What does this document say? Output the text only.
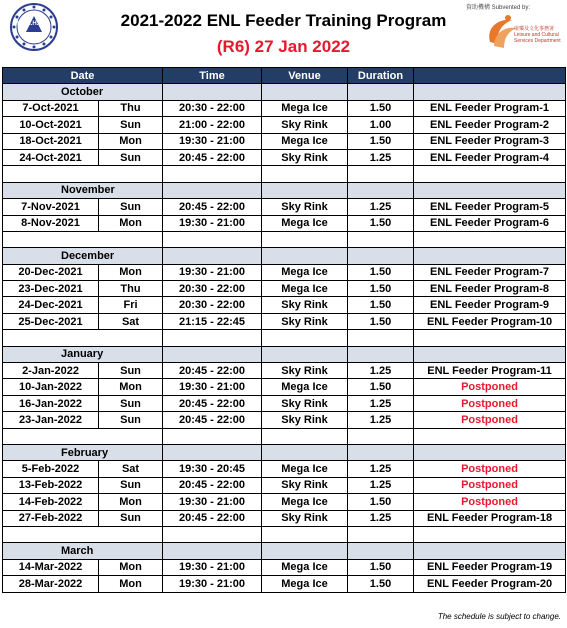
H.K.I.H.A.	2021-2022 ENL Feeder Training Program
(R6) 27 Jan 2022
資助機構 Subvented by:
康樂及文化事務署 Leisure and Cultural Services Department
Date		Time	Venue	Duration	
October					
7-Oct-2021	Thu	20:30 - 22:00	Mega Ice	1.50	ENL Feeder Program-1
10-Oct-2021	Sun	21:00 - 22:00	Sky Rink	1.00	ENL Feeder Program-2
18-Oct-2021	Mon	19:30 - 21:00	Mega Ice	1.50	ENL Feeder Program-3
24-Oct-2021	Sun	20:45 - 22:00	Sky Rink	1.25	ENL Feeder Program-4

November					
7-Nov-2021	Sun	20:45 - 22:00	Sky Rink	1.25	ENL Feeder Program-5
8-Nov-2021	Mon	19:30 - 21:00	Mega Ice	1.50	ENL Feeder Program-6

December					
20-Dec-2021	Mon	19:30 - 21:00	Mega Ice	1.50	ENL Feeder Program-7
23-Dec-2021	Thu	20:30 - 22:00	Mega Ice	1.50	ENL Feeder Program-8
24-Dec-2021	Fri	20:30 - 22:00	Sky Rink	1.50	ENL Feeder Program-9
25-Dec-2021	Sat	21:15 - 22:45	Sky Rink	1.50	ENL Feeder Program-10

January					
2-Jan-2022	Sun	20:45 - 22:00	Sky Rink	1.25	ENL Feeder Program-11
10-Jan-2022	Mon	19:30 - 21:00	Mega Ice	1.50	Postponed
16-Jan-2022	Sun	20:45 - 22:00	Sky Rink	1.25	Postponed
23-Jan-2022	Sun	20:45 - 22:00	Sky Rink	1.25	Postponed

February					
5-Feb-2022	Sat	19:30 - 20:45	Mega Ice	1.25	Postponed
13-Feb-2022	Sun	20:45 - 22:00	Sky Rink	1.25	Postponed
14-Feb-2022	Mon	19:30 - 21:00	Mega Ice	1.50	Postponed
27-Feb-2022	Sun	20:45 - 22:00	Sky Rink	1.25	ENL Feeder Program-18

March					
14-Mar-2022	Mon	19:30 - 21:00	Mega Ice	1.50	ENL Feeder Program-19
28-Mar-2022	Mon	19:30 - 21:00	Mega Ice	1.50	ENL Feeder Program-20
The schedule is subject to change.
